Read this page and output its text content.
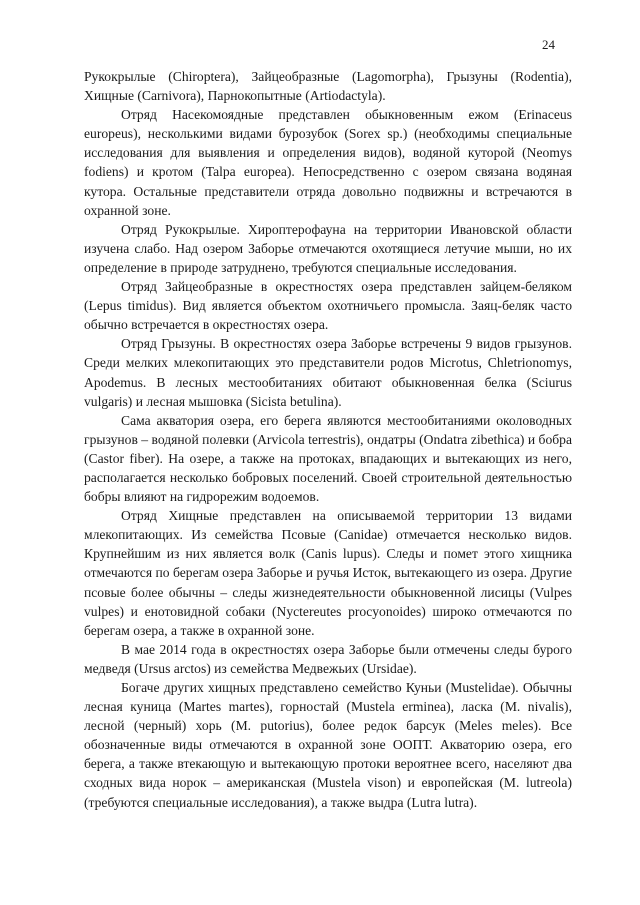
24

Рукокрылые (Chiroptera), Зайцеобразные (Lagomorpha), Грызуны (Rodentia), Хищные (Carnivora), Парнокопытные (Artiodactyla).

Отряд Насекомоядные представлен обыкновенным ежом (Erinaceus europeus), несколькими видами бурозубок (Sorex sp.) (необходимы специальные исследования для выявления и определения видов), водяной куторой (Neomys fodiens) и кротом (Talpa europea). Непосредственно с озером связана водяная кутора. Остальные представители отряда довольно подвижны и встречаются в охранной зоне.

Отряд Рукокрылые. Хироптерофауна на территории Ивановской области изучена слабо. Над озером Заборье отмечаются охотящиеся летучие мыши, но их определение в природе затруднено, требуются специальные исследования.

Отряд Зайцеобразные в окрестностях озера представлен зайцем-беляком (Lepus timidus). Вид является объектом охотничьего промысла. Заяц-беляк часто обычно встречается в окрестностях озера.

Отряд Грызуны. В окрестностях озера Заборье встречены 9 видов грызунов. Среди мелких млекопитающих это представители родов Microtus, Chletrionomys, Apodemus. В лесных местообитаниях обитают обыкновенная белка (Sciurus vulgaris) и лесная мышовка (Sicista betulina).

Сама акватория озера, его берега являются местообитаниями околоводных грызунов – водяной полевки (Arvicola terrestris), ондатры (Ondatra zibethica) и бобра (Castor fiber). На озере, а также на протоках, впадающих и вытекающих из него, располагается несколько бобровых поселений. Своей строительной деятельностью бобры влияют на гидрорежим водоемов.

Отряд Хищные представлен на описываемой территории 13 видами млекопитающих. Из семейства Псовые (Canidae) отмечается несколько видов. Крупнейшим из них является волк (Canis lupus). Следы и помет этого хищника отмечаются по берегам озера Заборье и ручья Исток, вытекающего из озера. Другие псовые более обычны – следы жизнедеятельности обыкновенной лисицы (Vulpes vulpes) и енотовидной собаки (Nyctereutes procyonoides) широко отмечаются по берегам озера, а также в охранной зоне.

В мае 2014 года в окрестностях озера Заборье были отмечены следы бурого медведя (Ursus arctos) из семейства Медвежьих (Ursidae).

Богаче других хищных представлено семейство Куньи (Mustelidae). Обычны лесная куница (Martes martes), горностай (Mustela erminea), ласка (M. nivalis), лесной (черный) хорь (M. putorius), более редок барсук (Meles meles). Все обозначенные виды отмечаются в охранной зоне ООПТ. Акваторию озера, его берега, а также втекающую и вытекающую протоки вероятнее всего, населяют два сходных вида норок – американская (Mustela vison) и европейская (M. lutreola) (требуются специальные исследования), а также выдра (Lutra lutra).
